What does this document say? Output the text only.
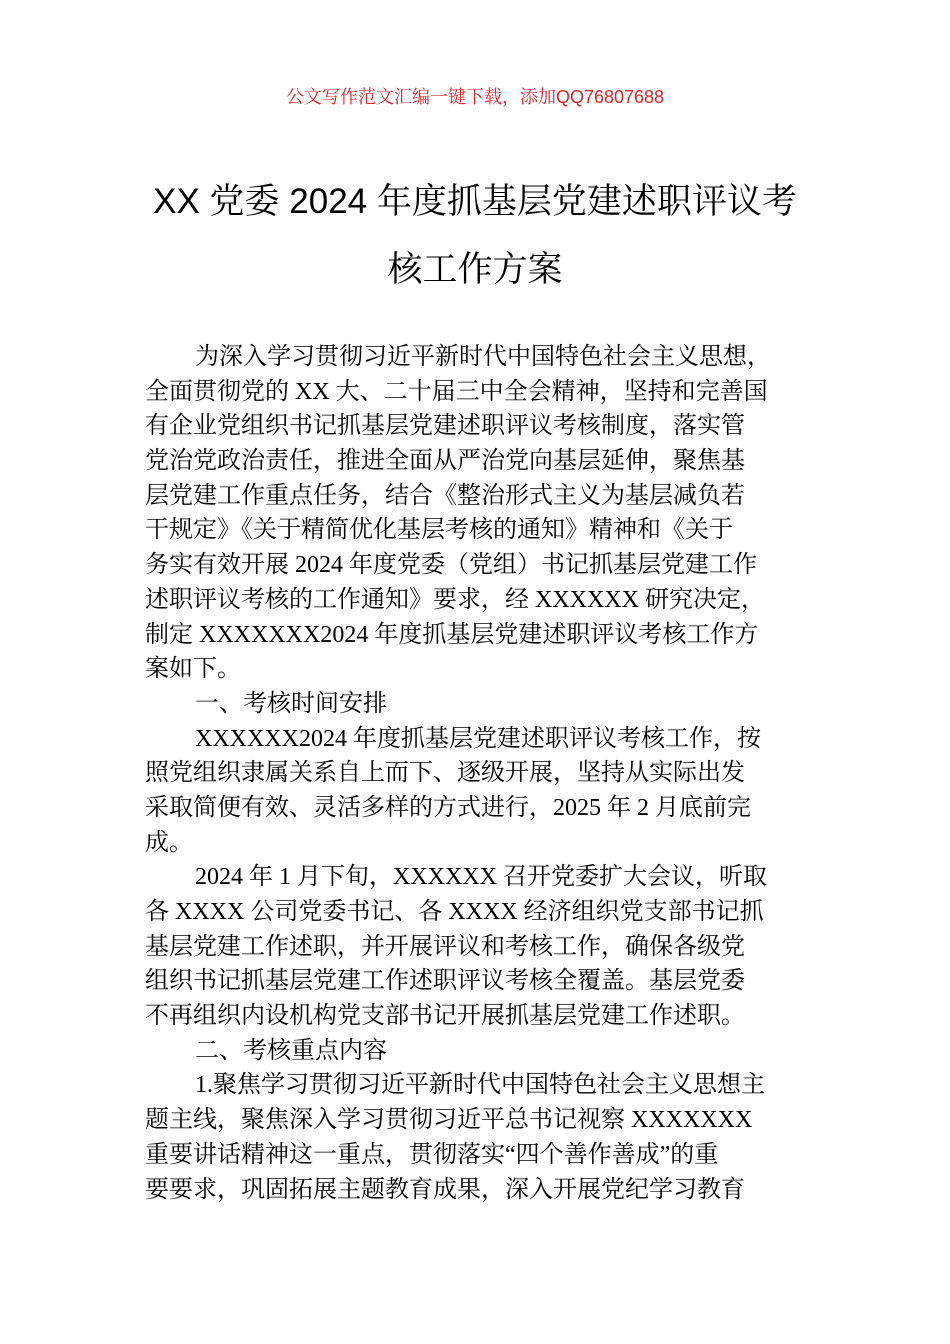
公文写作范文汇编一键下载，添加QQ76807688
XX 党委 2024 年度抓基层党建述职评议考
核工作方案
为深入学习贯彻习近平新时代中国特色社会主义思想，
全面贯彻党的 XX 大、二十届三中全会精神，坚持和完善国
有企业党组织书记抓基层党建述职评议考核制度，落实管
党治党政治责任，推进全面从严治党向基层延伸，聚焦基
层党建工作重点任务，结合《整治形式主义为基层减负若
干规定》《关于精简优化基层考核的通知》精神和《关于
务实有效开展 2024 年度党委（党组）书记抓基层党建工作
述职评议考核的工作通知》要求，经 XXXXXX 研究决定，
制定 XXXXXXX2024 年度抓基层党建述职评议考核工作方
案如下。
一、考核时间安排
XXXXXX2024 年度抓基层党建述职评议考核工作，按
照党组织隶属关系自上而下、逐级开展，坚持从实际出发
采取简便有效、灵活多样的方式进行，2025 年 2 月底前完
成。
2024 年 1 月下旬，XXXXXX 召开党委扩大会议，听取
各 XXXX 公司党委书记、各 XXXX 经济组织党支部书记抓
基层党建工作述职，并开展评议和考核工作，确保各级党
组织书记抓基层党建工作述职评议考核全覆盖。基层党委
不再组织内设机构党支部书记开展抓基层党建工作述职。
二、考核重点内容
1.聚焦学习贯彻习近平新时代中国特色社会主义思想主
题主线，聚焦深入学习贯彻习近平总书记视察 XXXXXXX
重要讲话精神这一重点，贯彻落实“四个善作善成”的重
要要求，巩固拓展主题教育成果，深入开展党纪学习教育
